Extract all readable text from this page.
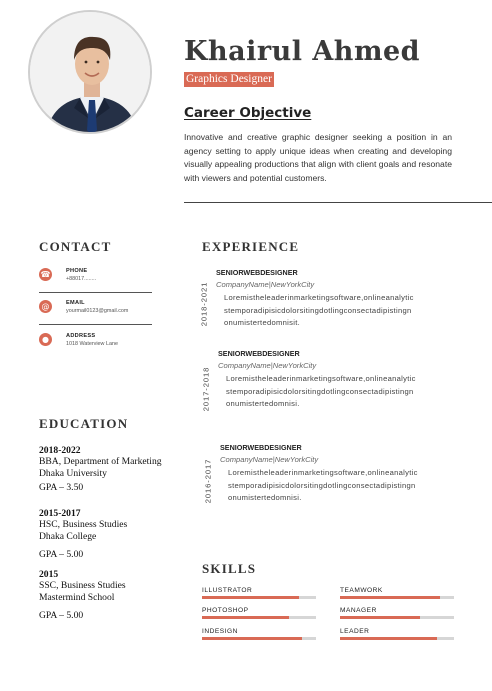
Khairul Ahmed
Graphics Designer
Career Objective
Innovative and creative graphic designer seeking a position in an agency setting to apply unique ideas when creating and developing visually appealing productions that align with client goals and resonate with viewers and potential customers.
CONTACT
☎	PHONE
+88017........
@	EMAIL
yourmail0123@gmail.com
●	ADDRESS
1018 Waterview Lane
EDUCATION
2018-2022
BBA, Department of Marketing
Dhaka University
GPA – 3.50
2015-2017
HSC, Business Studies
Dhaka College
GPA – 5.00
2015
SSC, Business Studies
Mastermind School
GPA – 5.00
EXPERIENCE
2018-2021
SENIORWEBDESIGNER
CompanyName|NewYorkCity
Loremistheleaderinmarketingsoftware,onlineanalytic stemporadipisicdolorsitingdotlingconsectadipistingn onumistertedomnisit.
2017-2018
SENIORWEBDESIGNER
CompanyName|NewYorkCity
Loremistheleaderinmarketingsoftware,onlineanalytic stemporadipisicdolorsitingdotlingconsectadipistingn onumistertedomnisi.
2016-2017
SENIORWEBDESIGNER
CompanyName|NewYorkCity
Loremistheleaderinmarketingsoftware,onlineanalytic stemporadipisicdolorsitingdotlingconsectadipistingn onumistertedomnisi.
SKILLS
ILLUSTRATOR	TEAMWORK
PHOTOSHOP	MANAGER
INDESIGN	LEADER
